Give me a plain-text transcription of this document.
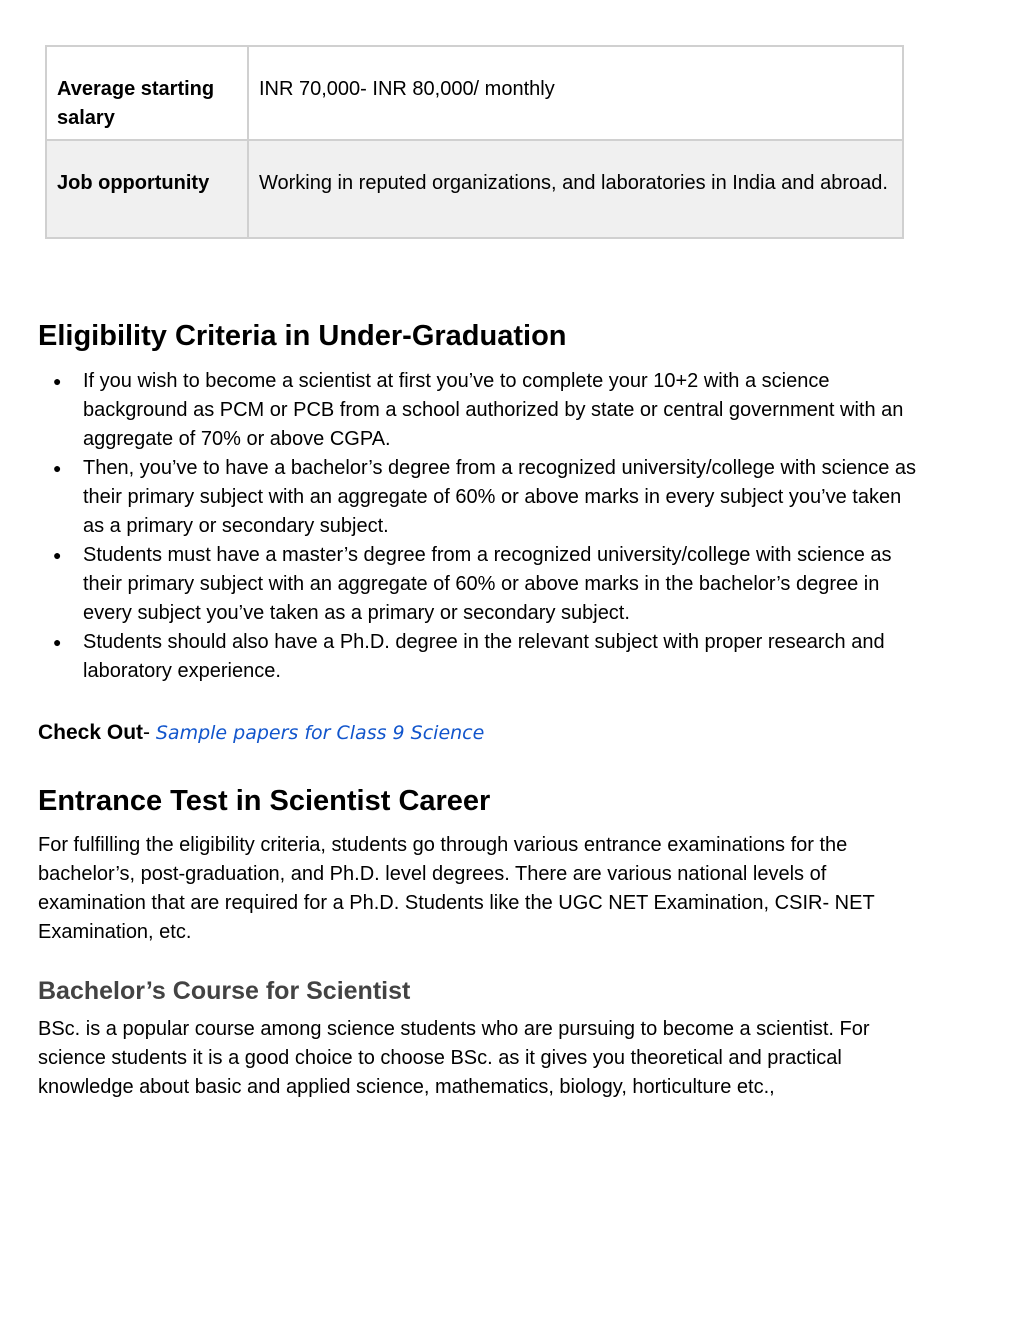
Average starting salary	INR 70,000- INR 80,000/ monthly
Job opportunity	Working in reputed organizations, and laboratories in India and abroad.
Eligibility Criteria in Under-Graduation
● If you wish to become a scientist at first you’ve to complete your 10+2 with a science background as PCM or PCB from a school authorized by state or central government with an aggregate of 70% or above CGPA.
● Then, you’ve to have a bachelor’s degree from a recognized university/college with science as their primary subject with an aggregate of 60% or above marks in every subject you’ve taken as a primary or secondary subject.
● Students must have a master’s degree from a recognized university/college with science as their primary subject with an aggregate of 60% or above marks in the bachelor’s degree in every subject you’ve taken as a primary or secondary subject.
● Students should also have a Ph.D. degree in the relevant subject with proper research and laboratory experience.
Check Out- Sample papers for Class 9 Science
Entrance Test in Scientist Career

For fulfilling the eligibility criteria, students go through various entrance examinations for the bachelor’s, post-graduation, and Ph.D. level degrees. There are various national levels of examination that are required for a Ph.D. Students like the UGC NET Examination, CSIR- NET Examination, etc.

Bachelor’s Course for Scientist

BSc. is a popular course among science students who are pursuing to become a scientist. For science students it is a good choice to choose BSc. as it gives you theoretical and practical knowledge about basic and applied science, mathematics, biology, horticulture etc.,
